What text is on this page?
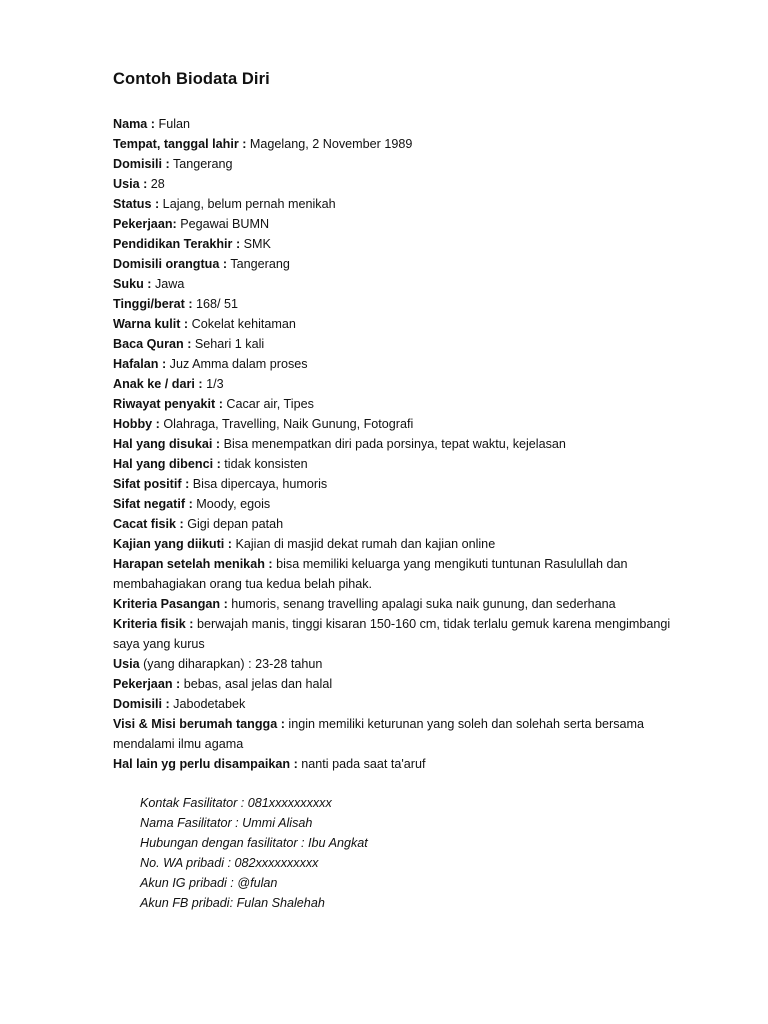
Contoh Biodata Diri
Nama : Fulan
Tempat, tanggal lahir : Magelang, 2 November 1989
Domisili : Tangerang
Usia : 28
Status : Lajang, belum pernah menikah
Pekerjaan: Pegawai BUMN
Pendidikan Terakhir : SMK
Domisili orangtua : Tangerang
Suku : Jawa
Tinggi/berat : 168/ 51
Warna kulit : Cokelat kehitaman
Baca Quran : Sehari 1 kali
Hafalan : Juz Amma dalam proses
Anak ke / dari : 1/3
Riwayat penyakit : Cacar air, Tipes
Hobby : Olahraga, Travelling, Naik Gunung, Fotografi
Hal yang disukai : Bisa menempatkan diri pada porsinya, tepat waktu, kejelasan
Hal yang dibenci : tidak konsisten
Sifat positif : Bisa dipercaya, humoris
Sifat negatif : Moody, egois
Cacat fisik : Gigi depan patah
Kajian yang diikuti : Kajian di masjid dekat rumah dan kajian online
Harapan setelah menikah : bisa memiliki keluarga yang mengikuti tuntunan Rasulullah dan membahagiakan orang tua kedua belah pihak.
Kriteria Pasangan : humoris, senang travelling apalagi suka naik gunung, dan sederhana
Kriteria fisik : berwajah manis, tinggi kisaran 150-160 cm, tidak terlalu gemuk karena mengimbangi saya yang kurus
Usia (yang diharapkan) : 23-28 tahun
Pekerjaan : bebas, asal jelas dan halal
Domisili : Jabodetabek
Visi & Misi berumah tangga : ingin memiliki keturunan yang soleh dan solehah serta bersama mendalami ilmu agama
Hal lain yg perlu disampaikan : nanti pada saat ta'aruf
Kontak Fasilitator : 081xxxxxxxxxx
Nama Fasilitator : Ummi Alisah
Hubungan dengan fasilitator : Ibu Angkat
No. WA pribadi : 082xxxxxxxxxx
Akun IG pribadi : @fulan
Akun FB pribadi: Fulan Shalehah
